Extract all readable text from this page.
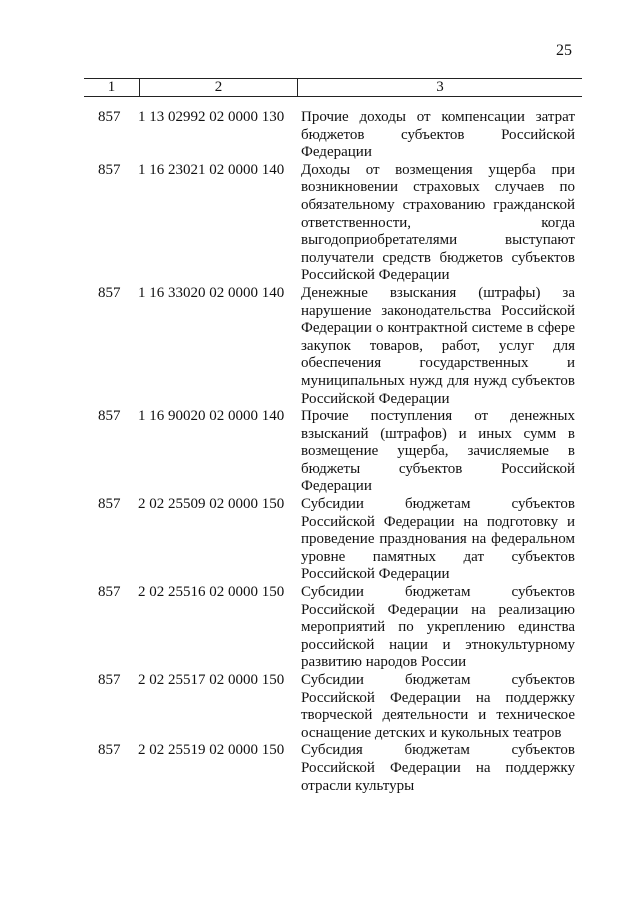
25
1	2	3
857	1 13 02992 02 0000 130	Прочие доходы от компенсации затрат бюджетов субъектов Российской Федерации
857	1 16 23021 02 0000 140	Доходы от возмещения ущерба при возникновении страховых случаев по обязательному страхованию гражданской ответственности, когда выгодоприобретателями выступают получатели средств бюджетов субъектов Российской Федерации
857	1 16 33020 02 0000 140	Денежные взыскания (штрафы) за нарушение законодательства Российской Федерации о контрактной системе в сфере закупок товаров, работ, услуг для обеспечения государственных и муниципальных нужд для нужд субъектов Российской Федерации
857	1 16 90020 02 0000 140	Прочие поступления от денежных взысканий (штрафов) и иных сумм в возмещение ущерба, зачисляемые в бюджеты субъектов Российской Федерации
857	2 02 25509 02 0000 150	Субсидии бюджетам субъектов Российской Федерации на подготовку и проведение празднования на федеральном уровне памятных дат субъектов Российской Федерации
857	2 02 25516 02 0000 150	Субсидии бюджетам субъектов Российской Федерации на реализацию мероприятий по укреплению единства российской нации и этнокультурному развитию народов России
857	2 02 25517 02 0000 150	Субсидии бюджетам субъектов Российской Федерации на поддержку творческой деятельности и техническое оснащение детских и кукольных театров
857	2 02 25519 02 0000 150	Субсидия бюджетам субъектов Российской Федерации на поддержку отрасли культуры
